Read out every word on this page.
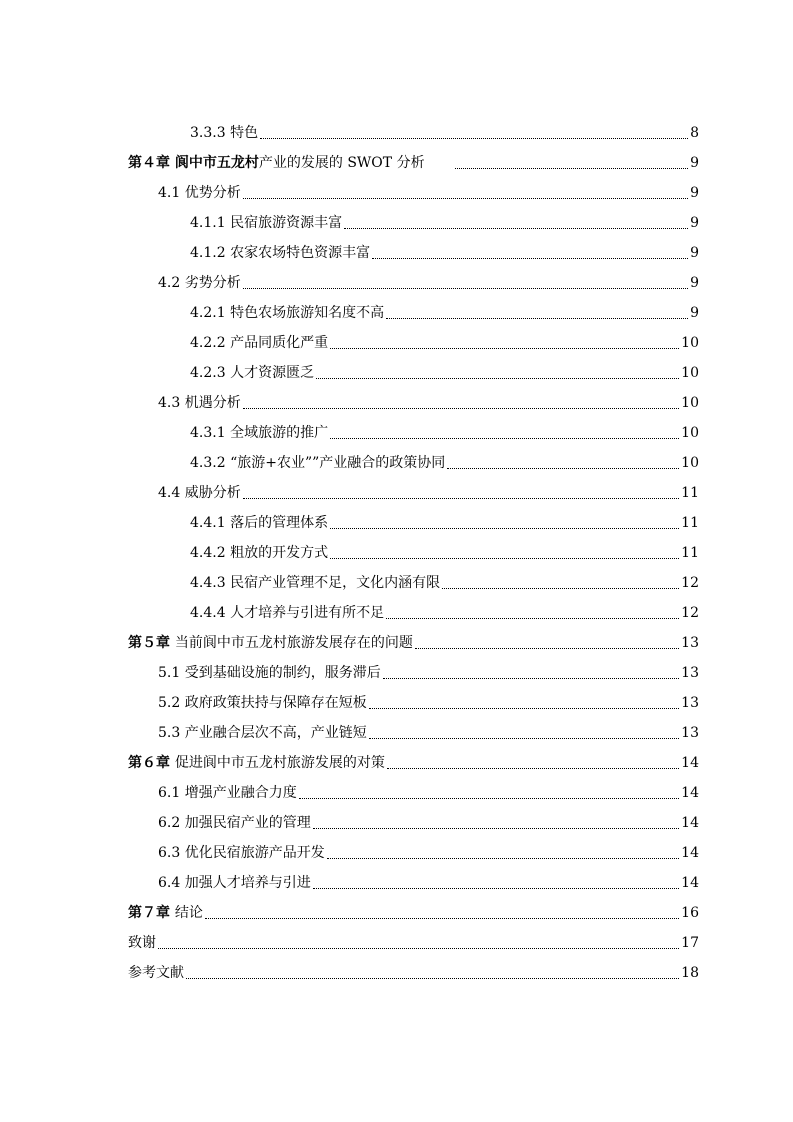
3.3.3 特色	8
第４章 阆中市五龙村 产业的发展的 SWOT 分析	9
4.1 优势分析	9
4.1.1 民宿旅游资源丰富	9
4.1.2 农家农场特色资源丰富	9
4.2 劣势分析	9
4.2.1 特色农场旅游知名度不高	9
4.2.2 产品同质化严重	10
4.2.3 人才资源匮乏	10
4.3 机遇分析	10
4.3.1 全域旅游的推广	10
4.3.2 “旅游+农业””产业融合的政策协同	10
4.4 威胁分析	11
4.4.1 落后的管理体系	11
4.4.2 粗放的开发方式	11
4.4.3 民宿产业管理不足，文化内涵有限	12
4.4.4 人才培养与引进有所不足	12
第５章 当前阆中市五龙村旅游发展存在的问题	13
5.1 受到基础设施的制约，服务滞后	13
5.2 政府政策扶持与保障存在短板	13
5.3 产业融合层次不高，产业链短	13
第６章 促进阆中市五龙村旅游发展的对策	14
6.1 增强产业融合力度	14
6.2 加强民宿产业的管理	14
6.3 优化民宿旅游产品开发	14
6.4 加强人才培养与引进	14
第７章 结论	16
致谢	17
参考文献	18
